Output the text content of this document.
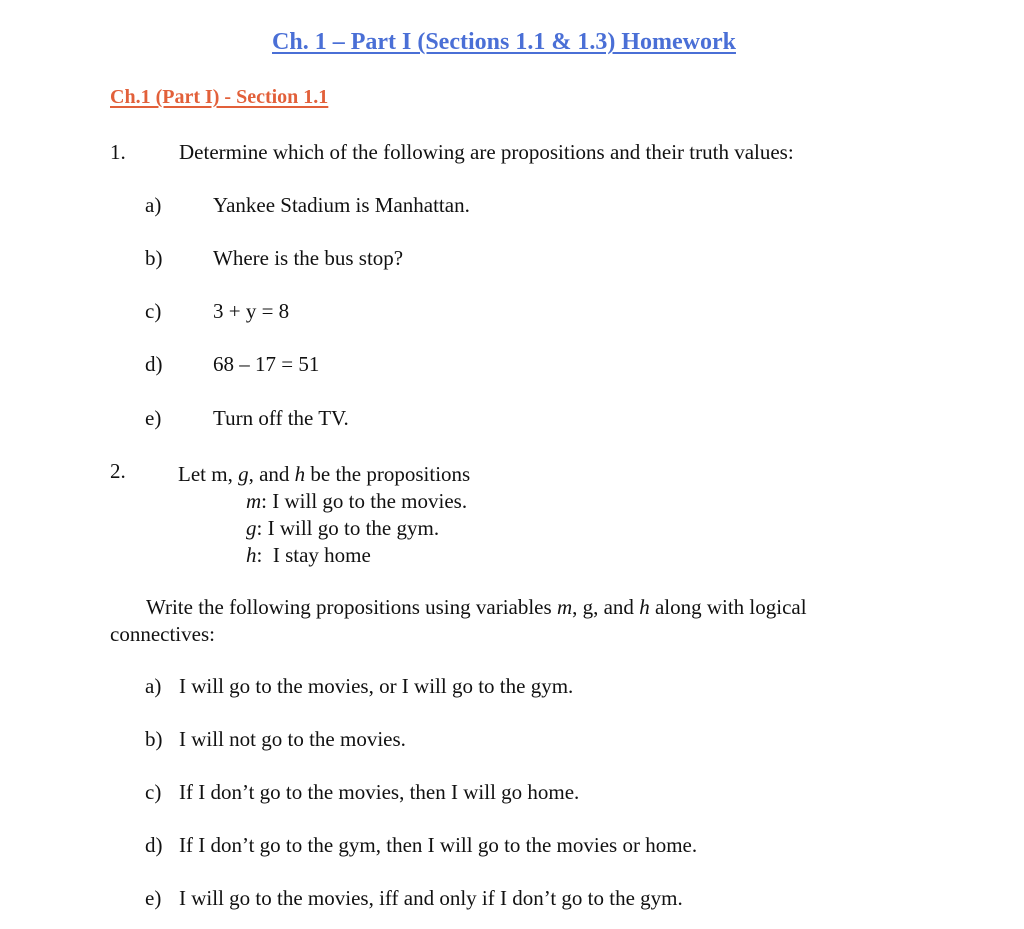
Ch. 1 – Part I (Sections 1.1 & 1.3) Homework
Ch.1 (Part I) - Section 1.1
1.	Determine which of the following are propositions and their truth values:
a) Yankee Stadium is Manhattan.
b) Where is the bus stop?
c) 3 + y = 8
d) 68 – 17 = 51
e) Turn off the TV.
2. Let m, g, and h be the propositions
m: I will go to the movies.
g: I will go to the gym.
h:  I stay home
Write the following propositions using variables m, g, and h along with logical connectives:
a) I will go to the movies, or I will go to the gym.
b) I will not go to the movies.
c) If I don’t go to the movies, then I will go home.
d) If I don’t go to the gym, then I will go to the movies or home.
e) I will go to the movies, iff and only if I don’t go to the gym.
